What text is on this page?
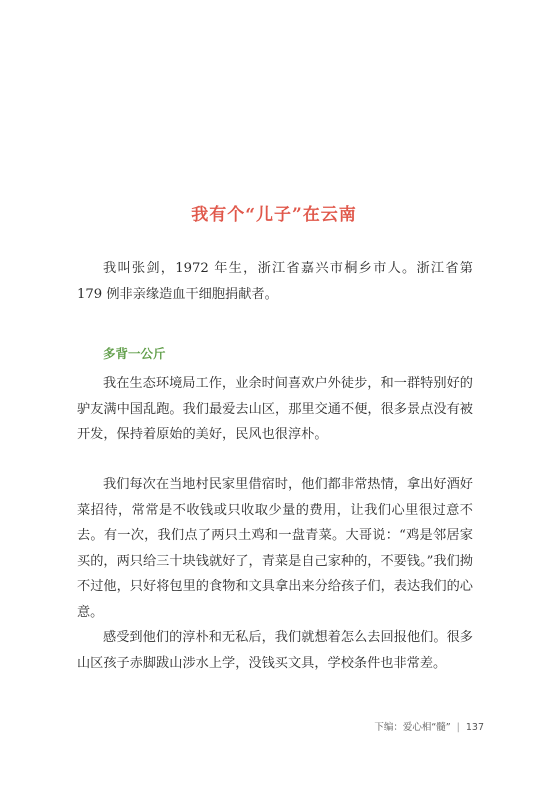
我有个“儿子”在云南

我叫张剑，1972 年生，浙江省嘉兴市桐乡市人。浙江省第 179 例非亲缘造血干细胞捐献者。

多背一公斤

我在生态环境局工作，业余时间喜欢户外徒步，和一群特别好的驴友满中国乱跑。我们最爱去山区，那里交通不便，很多景点没有被开发，保持着原始的美好，民风也很淳朴。

我们每次在当地村民家里借宿时，他们都非常热情，拿出好酒好菜招待，常常是不收钱或只收取少量的费用，让我们心里很过意不去。有一次，我们点了两只土鸡和一盘青菜。大哥说：“鸡是邻居家买的，两只给三十块钱就好了，青菜是自己家种的，不要钱。”我们拗不过他，只好将包里的食物和文具拿出来分给孩子们，表达我们的心意。

感受到他们的淳朴和无私后，我们就想着怎么去回报他们。很多山区孩子赤脚跋山涉水上学，没钱买文具，学校条件也非常差。

下编：爱心相“髓” | 137
